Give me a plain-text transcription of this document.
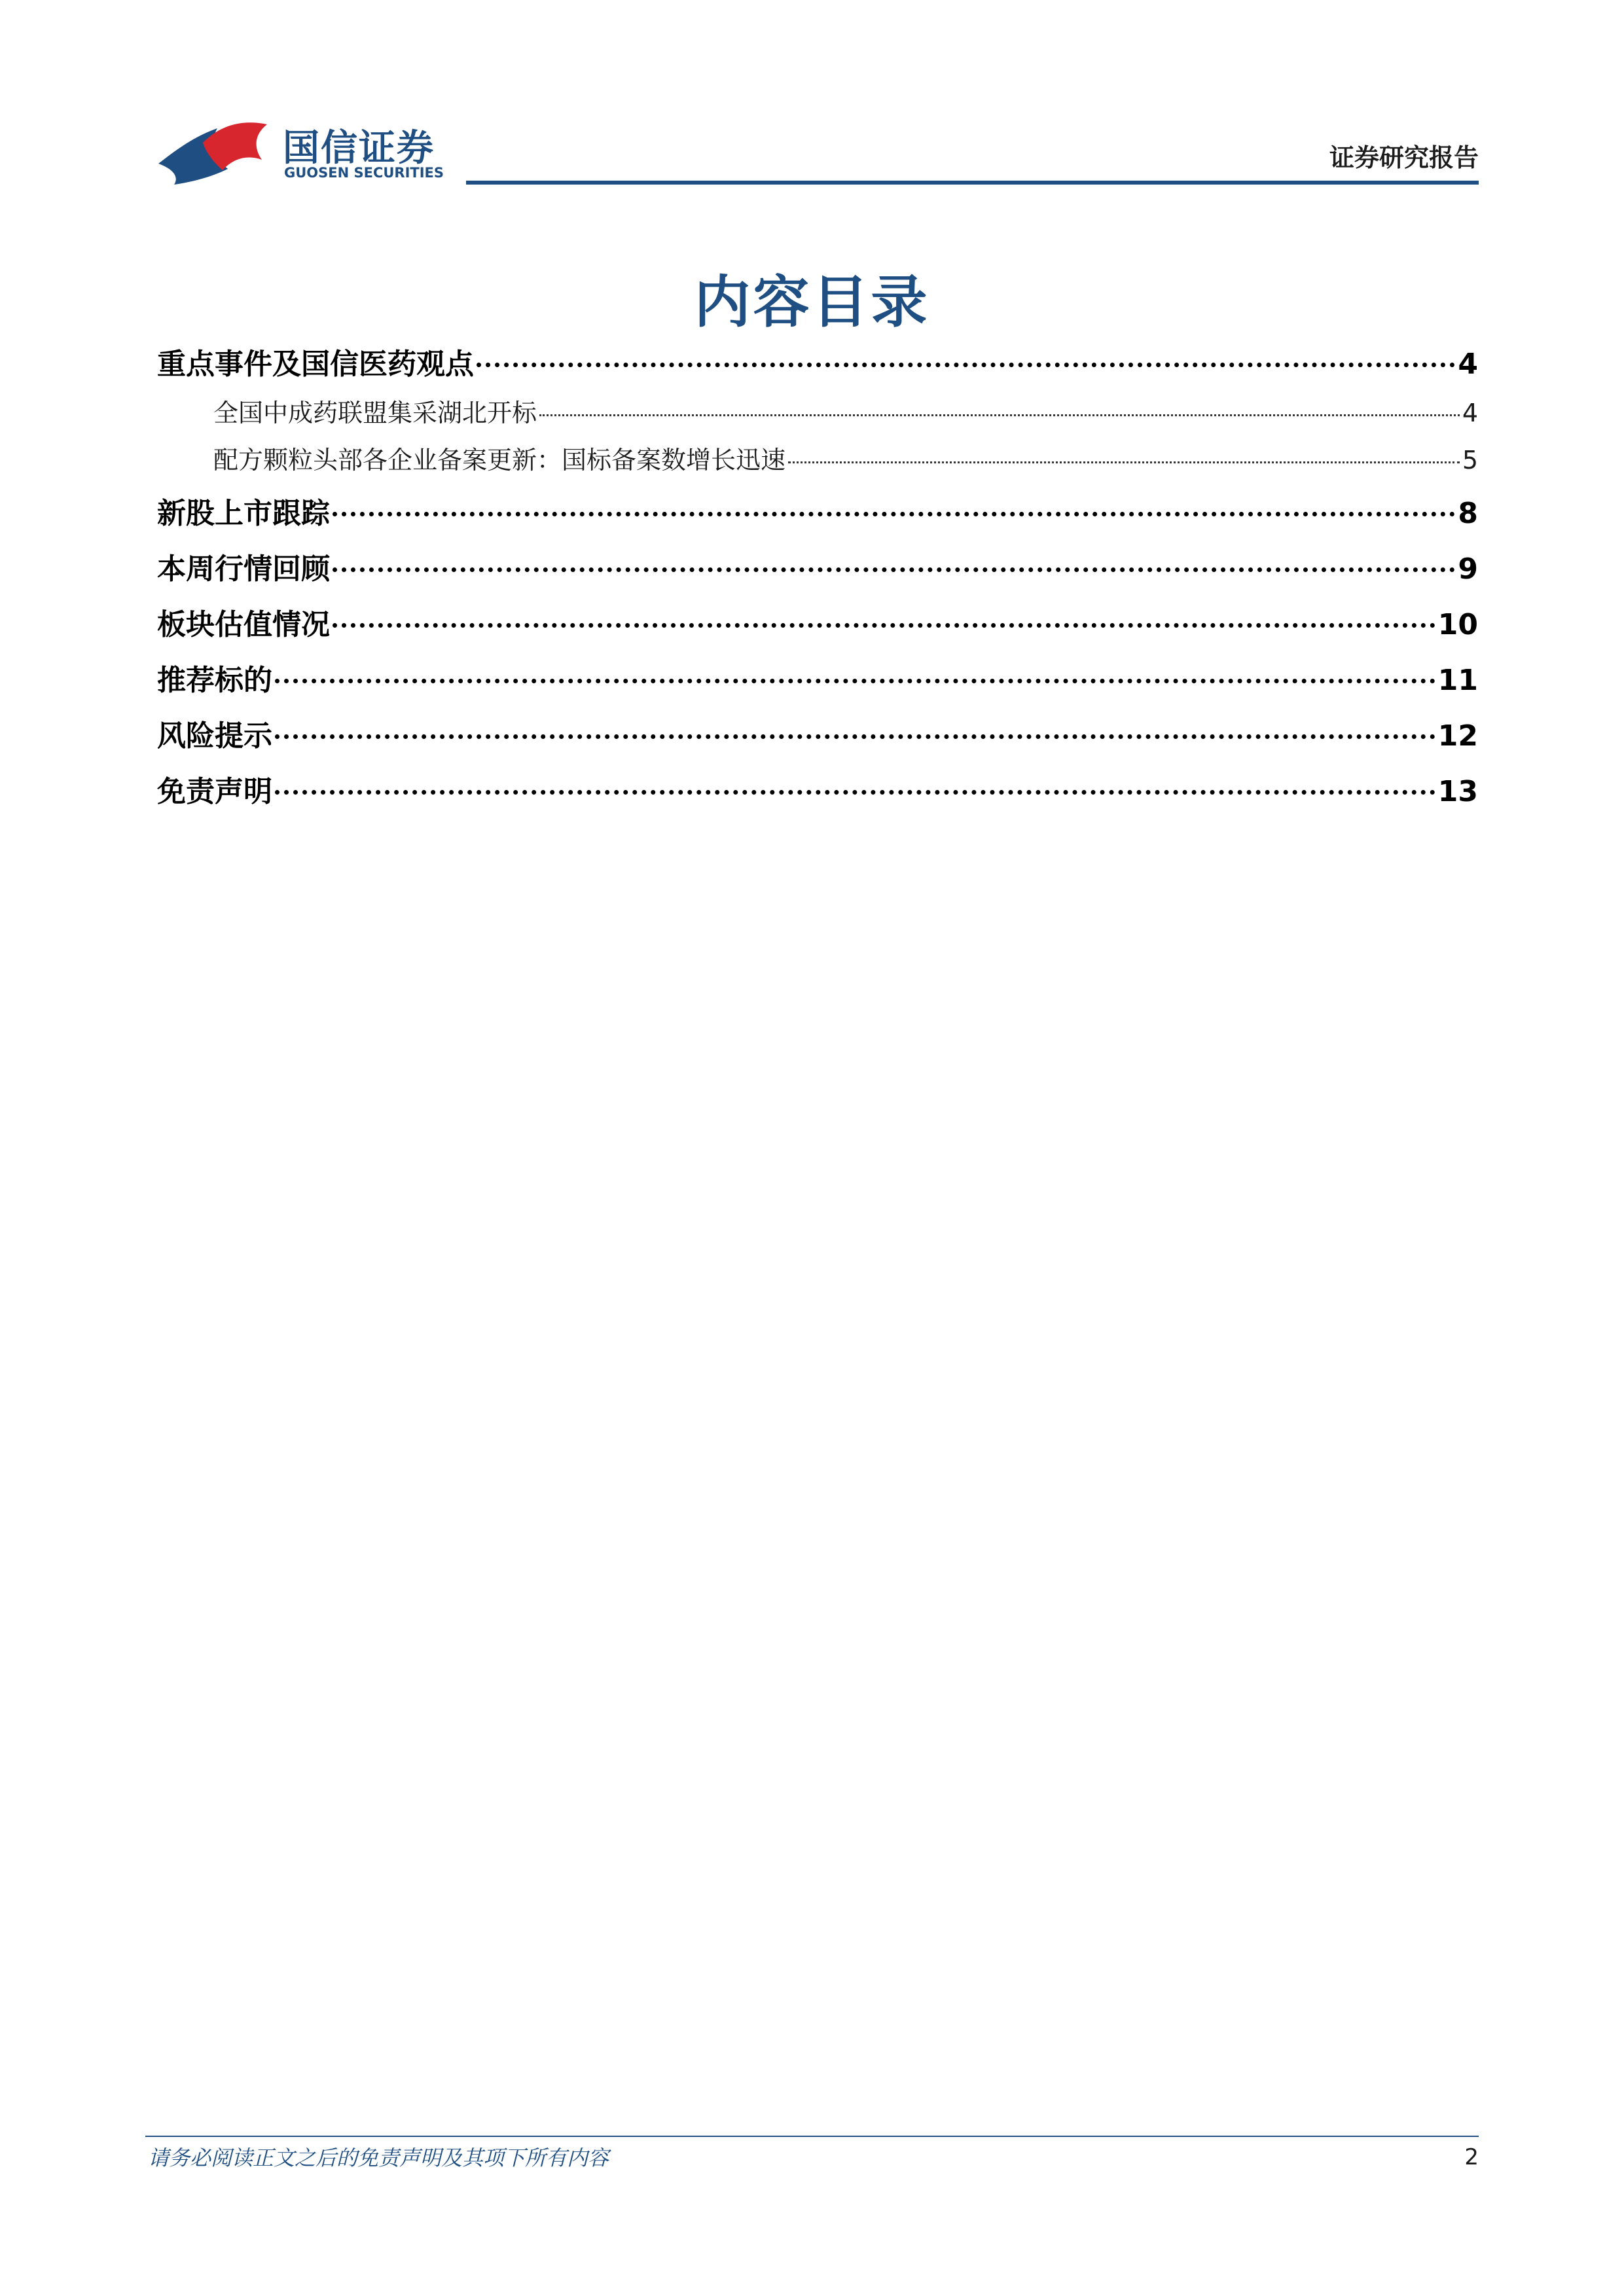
国信证券
GUOSEN SECURITIES
证券研究报告
内容目录
重点事件及国信医药观点	4
全国中成药联盟集采湖北开标	4
配方颗粒头部各企业备案更新：国标备案数增长迅速	5
新股上市跟踪	8
本周行情回顾	9
板块估值情况	10
推荐标的	11
风险提示	12
免责声明	13
请务必阅读正文之后的免责声明及其项下所有内容	2
